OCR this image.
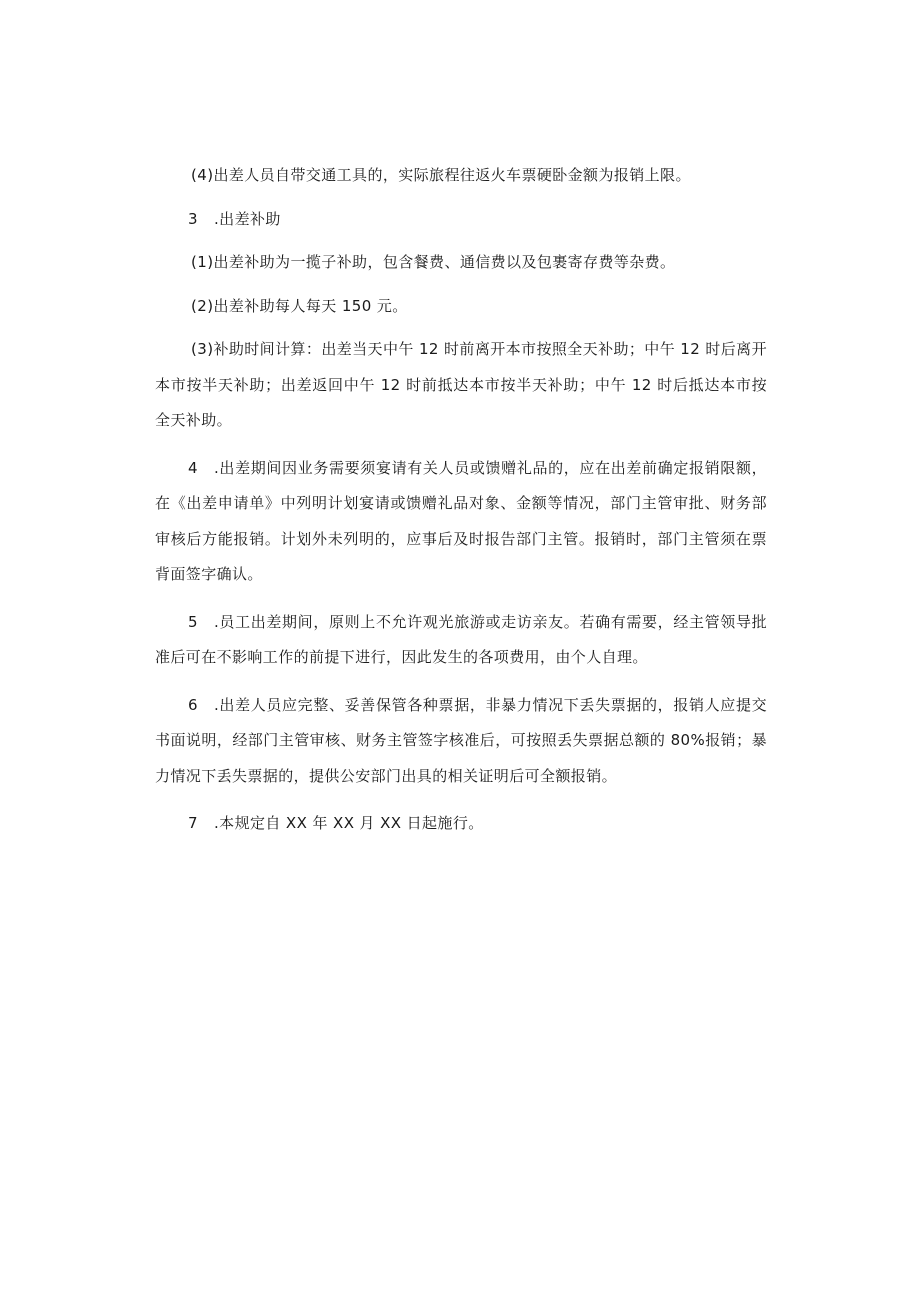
(4)出差人员自带交通工具的，实际旅程往返火车票硬卧金额为报销上限。

3 .出差补助

(1)出差补助为一揽子补助，包含餐费、通信费以及包裹寄存费等杂费。

(2)出差补助每人每天 150 元。

(3)补助时间计算：出差当天中午 12 时前离开本市按照全天补助；中午 12 时后离开本市按半天补助；出差返回中午 12 时前抵达本市按半天补助；中午 12 时后抵达本市按全天补助。

4 .出差期间因业务需要须宴请有关人员或馈赠礼品的，应在出差前确定报销限额，在《出差申请单》中列明计划宴请或馈赠礼品对象、金额等情况，部门主管审批、财务部审核后方能报销。计划外未列明的，应事后及时报告部门主管。报销时，部门主管须在票背面签字确认。

5 .员工出差期间，原则上不允许观光旅游或走访亲友。若确有需要，经主管领导批准后可在不影响工作的前提下进行，因此发生的各项费用，由个人自理。

6 .出差人员应完整、妥善保管各种票据，非暴力情况下丢失票据的，报销人应提交书面说明，经部门主管审核、财务主管签字核准后，可按照丢失票据总额的 80%报销；暴力情况下丢失票据的，提供公安部门出具的相关证明后可全额报销。

7 .本规定自 XX 年 XX 月 XX 日起施行。
